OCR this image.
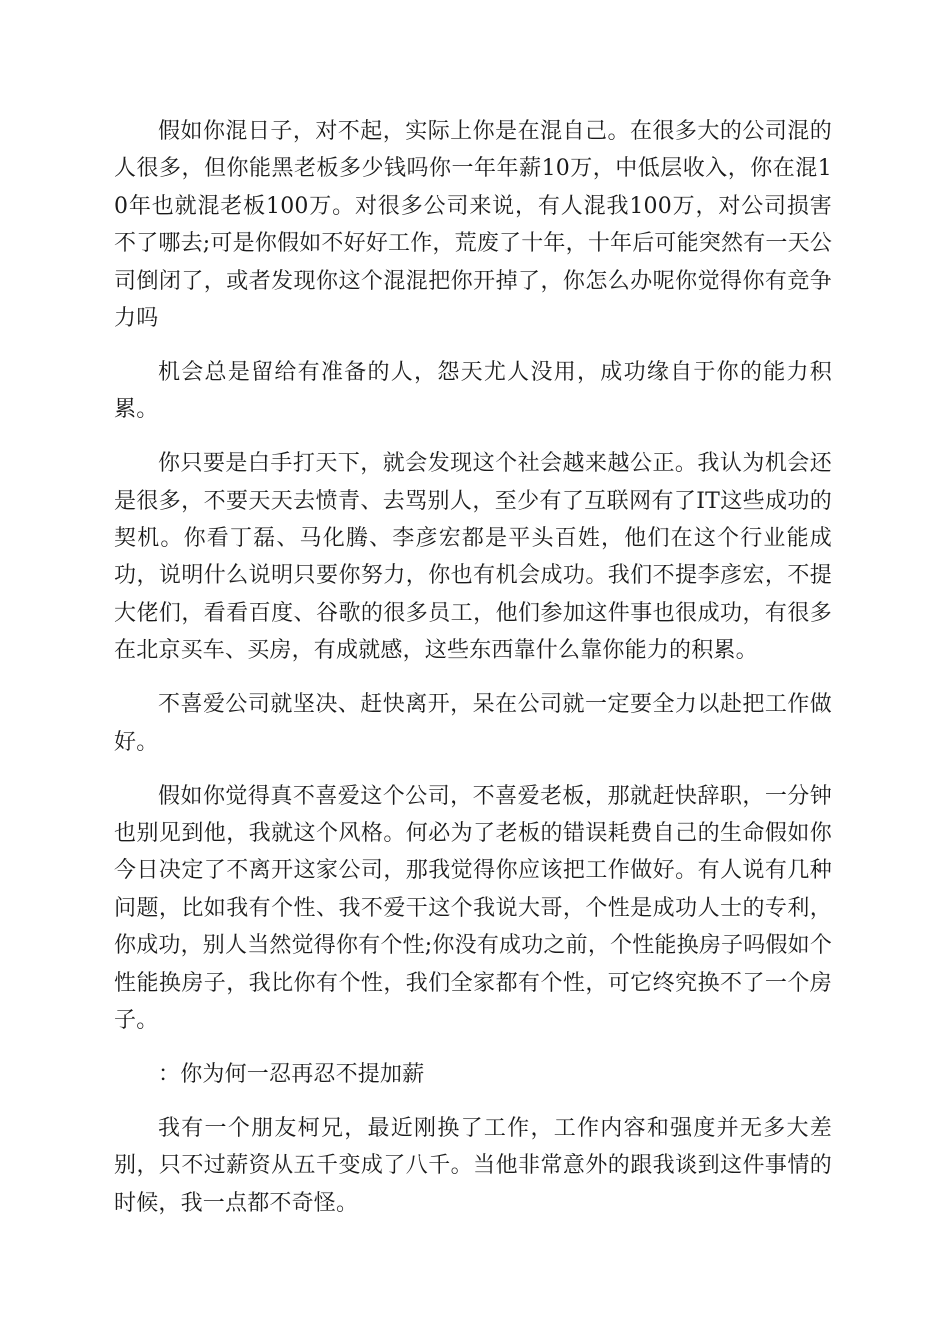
假如你混日子，对不起，实际上你是在混自己。在很多大的公司混的人很多，但你能黑老板多少钱吗你一年年薪10万，中低层收入，你在混10年也就混老板100万。对很多公司来说，有人混我100万，对公司损害不了哪去;可是你假如不好好工作，荒废了十年，十年后可能突然有一天公司倒闭了，或者发现你这个混混把你开掉了，你怎么办呢你觉得你有竞争力吗

机会总是留给有准备的人，怨天尤人没用，成功缘自于你的能力积累。

你只要是白手打天下，就会发现这个社会越来越公正。我认为机会还是很多，不要天天去愤青、去骂别人，至少有了互联网有了IT这些成功的契机。你看丁磊、马化腾、李彦宏都是平头百姓，他们在这个行业能成功，说明什么说明只要你努力，你也有机会成功。我们不提李彦宏，不提大佬们，看看百度、谷歌的很多员工，他们参加这件事也很成功，有很多在北京买车、买房，有成就感，这些东西靠什么靠你能力的积累。

不喜爱公司就坚决、赶快离开，呆在公司就一定要全力以赴把工作做好。

假如你觉得真不喜爱这个公司，不喜爱老板，那就赶快辞职，一分钟也别见到他，我就这个风格。何必为了老板的错误耗费自己的生命假如你今日决定了不离开这家公司，那我觉得你应该把工作做好。有人说有几种问题，比如我有个性、我不爱干这个我说大哥，个性是成功人士的专利，你成功，别人当然觉得你有个性;你没有成功之前，个性能换房子吗假如个性能换房子，我比你有个性，我们全家都有个性，可它终究换不了一个房子。

：你为何一忍再忍不提加薪

我有一个朋友柯兄，最近刚换了工作，工作内容和强度并无多大差别，只不过薪资从五千变成了八千。当他非常意外的跟我谈到这件事情的时候，我一点都不奇怪。
